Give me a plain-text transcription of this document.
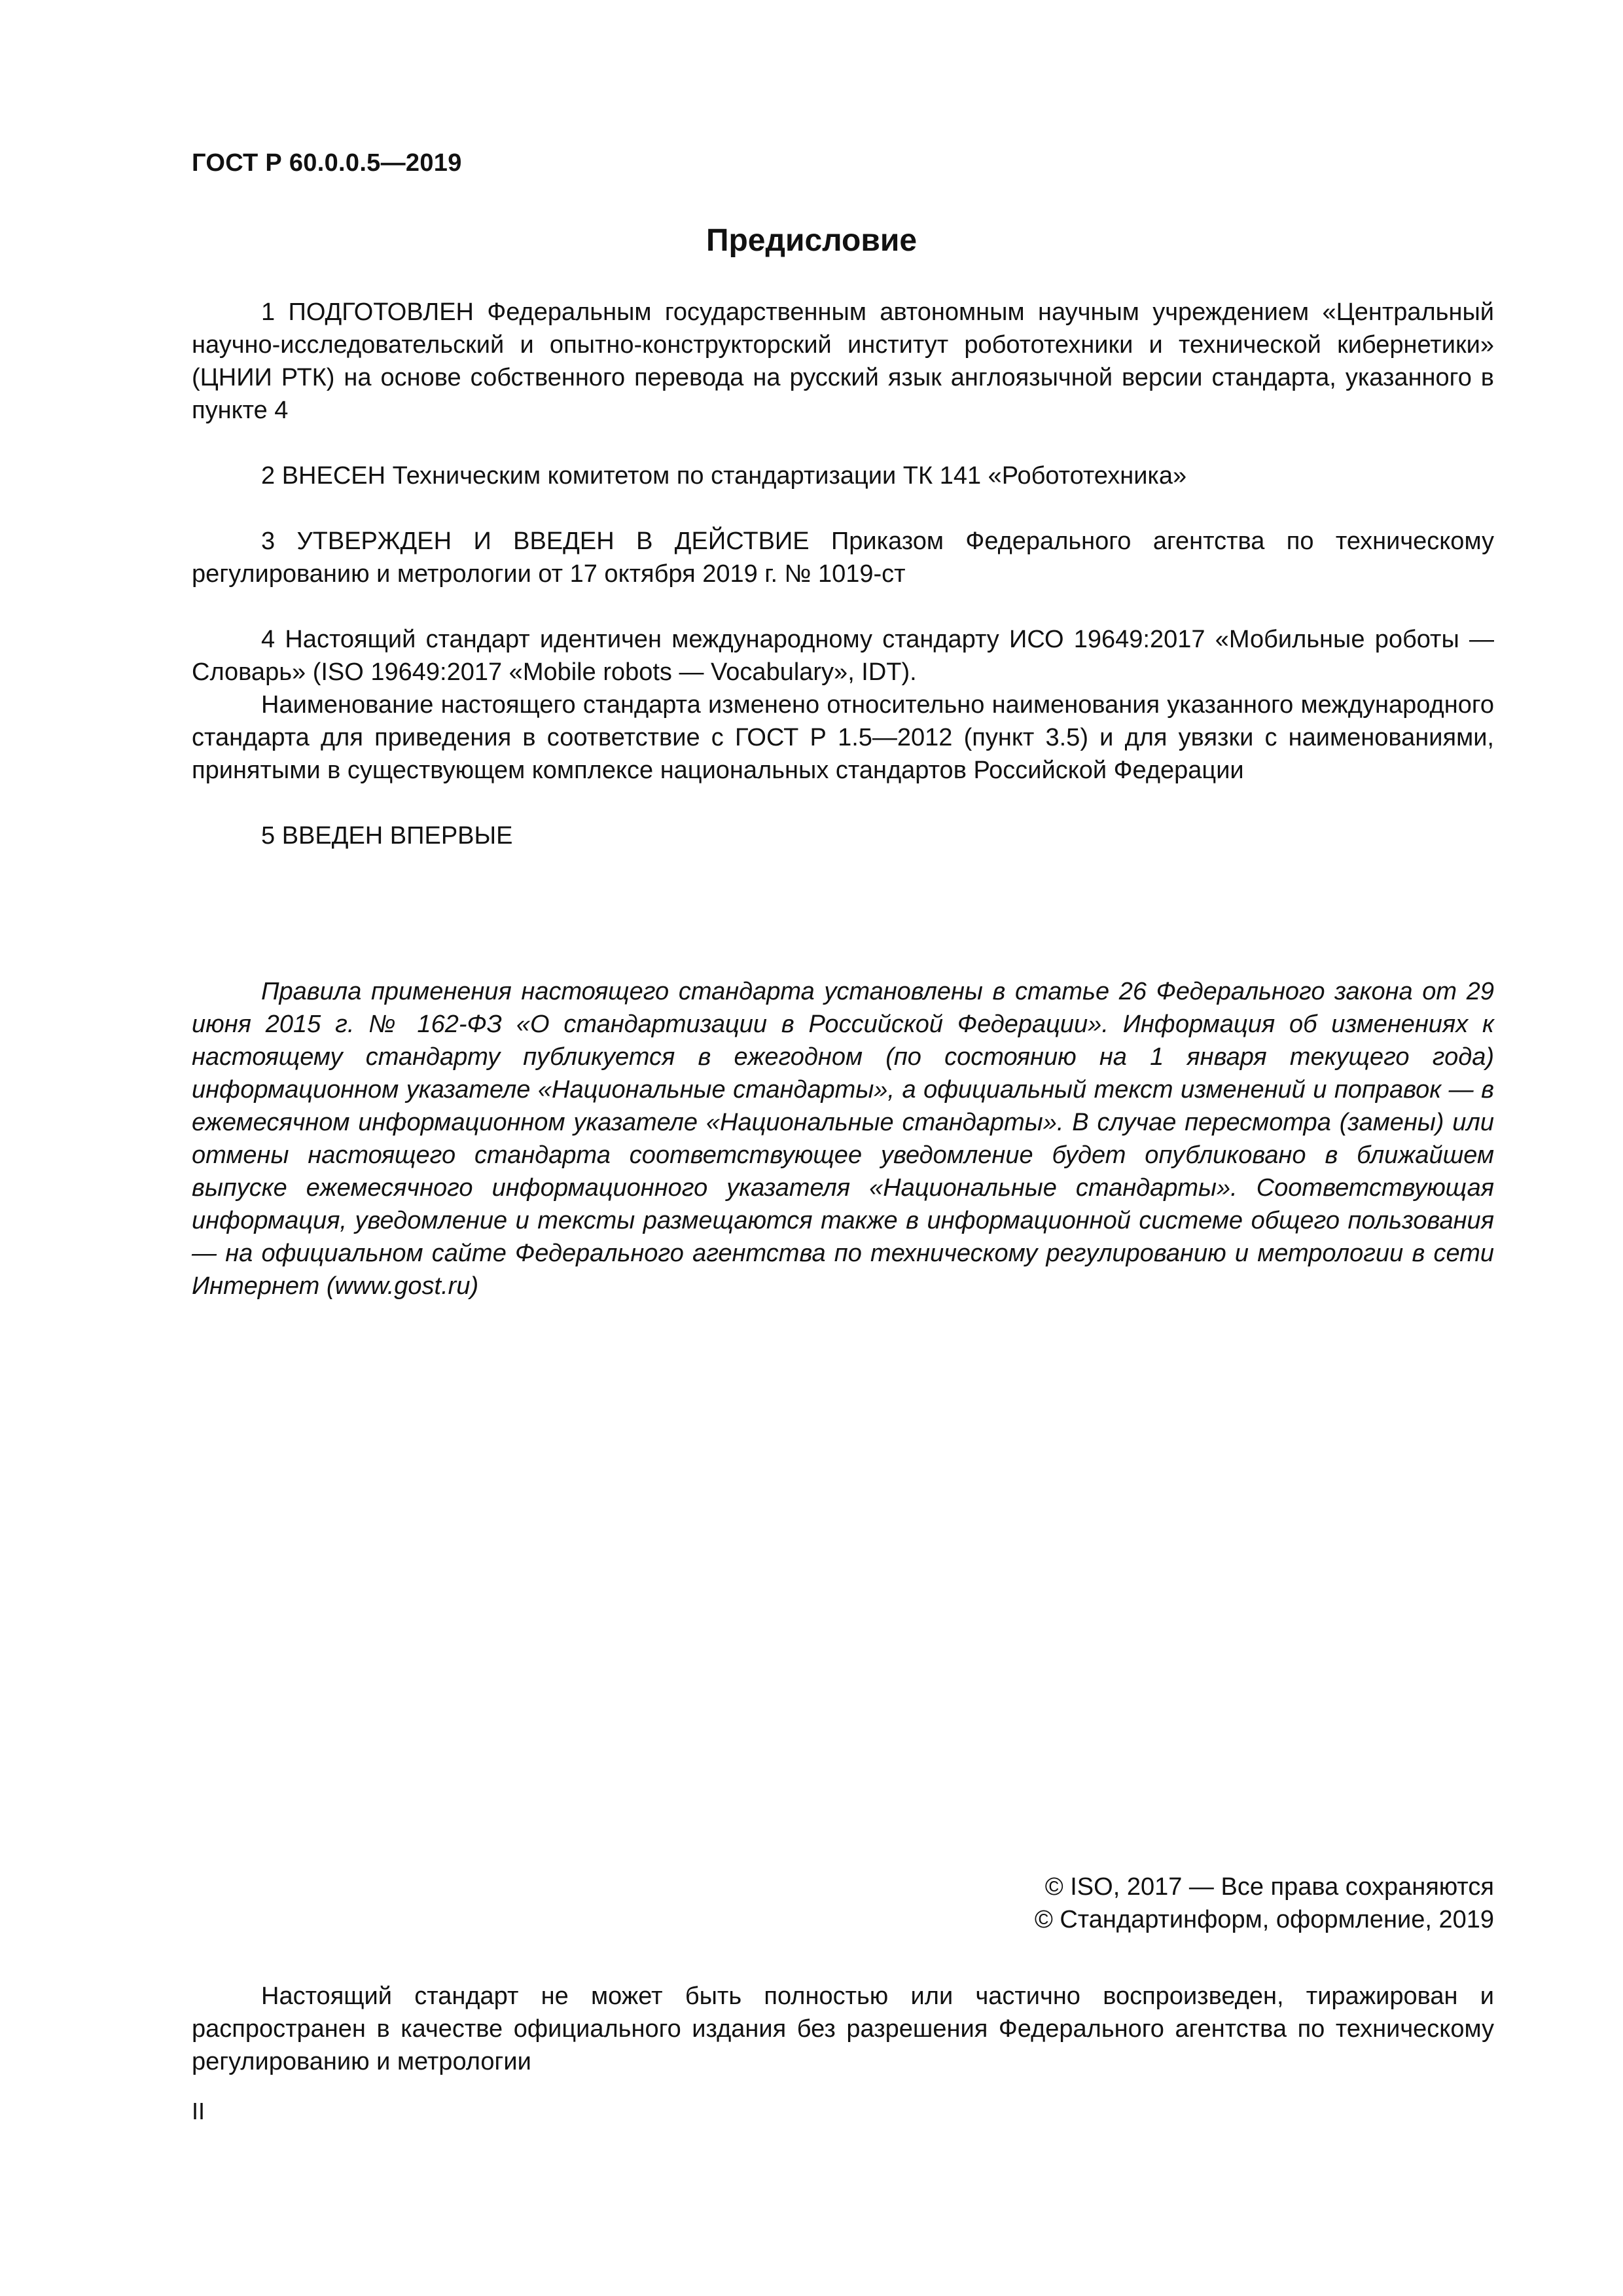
ГОСТ Р 60.0.0.5—2019
Предисловие

1 ПОДГОТОВЛЕН Федеральным государственным автономным научным учреждением «Центральный научно-исследовательский и опытно-конструкторский институт робототехники и технической кибернетики» (ЦНИИ РТК) на основе собственного перевода на русский язык англоязычной версии стандарта, указанного в пункте 4

2 ВНЕСЕН Техническим комитетом по стандартизации ТК 141 «Робототехника»

3 УТВЕРЖДЕН И ВВЕДЕН В ДЕЙСТВИЕ Приказом Федерального агентства по техническому регулированию и метрологии от 17 октября 2019 г. № 1019-ст

4 Настоящий стандарт идентичен международному стандарту ИСО 19649:2017 «Мобильные роботы — Словарь» (ISO 19649:2017 «Mobile robots — Vocabulary», IDT).

Наименование настоящего стандарта изменено относительно наименования указанного международного стандарта для приведения в соответствие с ГОСТ Р 1.5—2012 (пункт 3.5) и для увязки с наименованиями, принятыми в существующем комплексе национальных стандартов Российской Федерации

5 ВВЕДЕН ВПЕРВЫЕ

Правила применения настоящего стандарта установлены в статье 26 Федерального закона от 29 июня 2015 г. № 162-ФЗ «О стандартизации в Российской Федерации». Информация об изменениях к настоящему стандарту публикуется в ежегодном (по состоянию на 1 января текущего года) информационном указателе «Национальные стандарты», а официальный текст изменений и поправок — в ежемесячном информационном указателе «Национальные стандарты». В случае пересмотра (замены) или отмены настоящего стандарта соответствующее уведомление будет опубликовано в ближайшем выпуске ежемесячного информационного указателя «Национальные стандарты». Соответствующая информация, уведомление и тексты размещаются также в информационной системе общего пользования — на официальном сайте Федерального агентства по техническому регулированию и метрологии в сети Интернет (www.gost.ru)
© ISO, 2017 — Все права сохраняются
© Стандартинформ, оформление, 2019
Настоящий стандарт не может быть полностью или частично воспроизведен, тиражирован и распространен в качестве официального издания без разрешения Федерального агентства по техническому регулированию и метрологии
II
